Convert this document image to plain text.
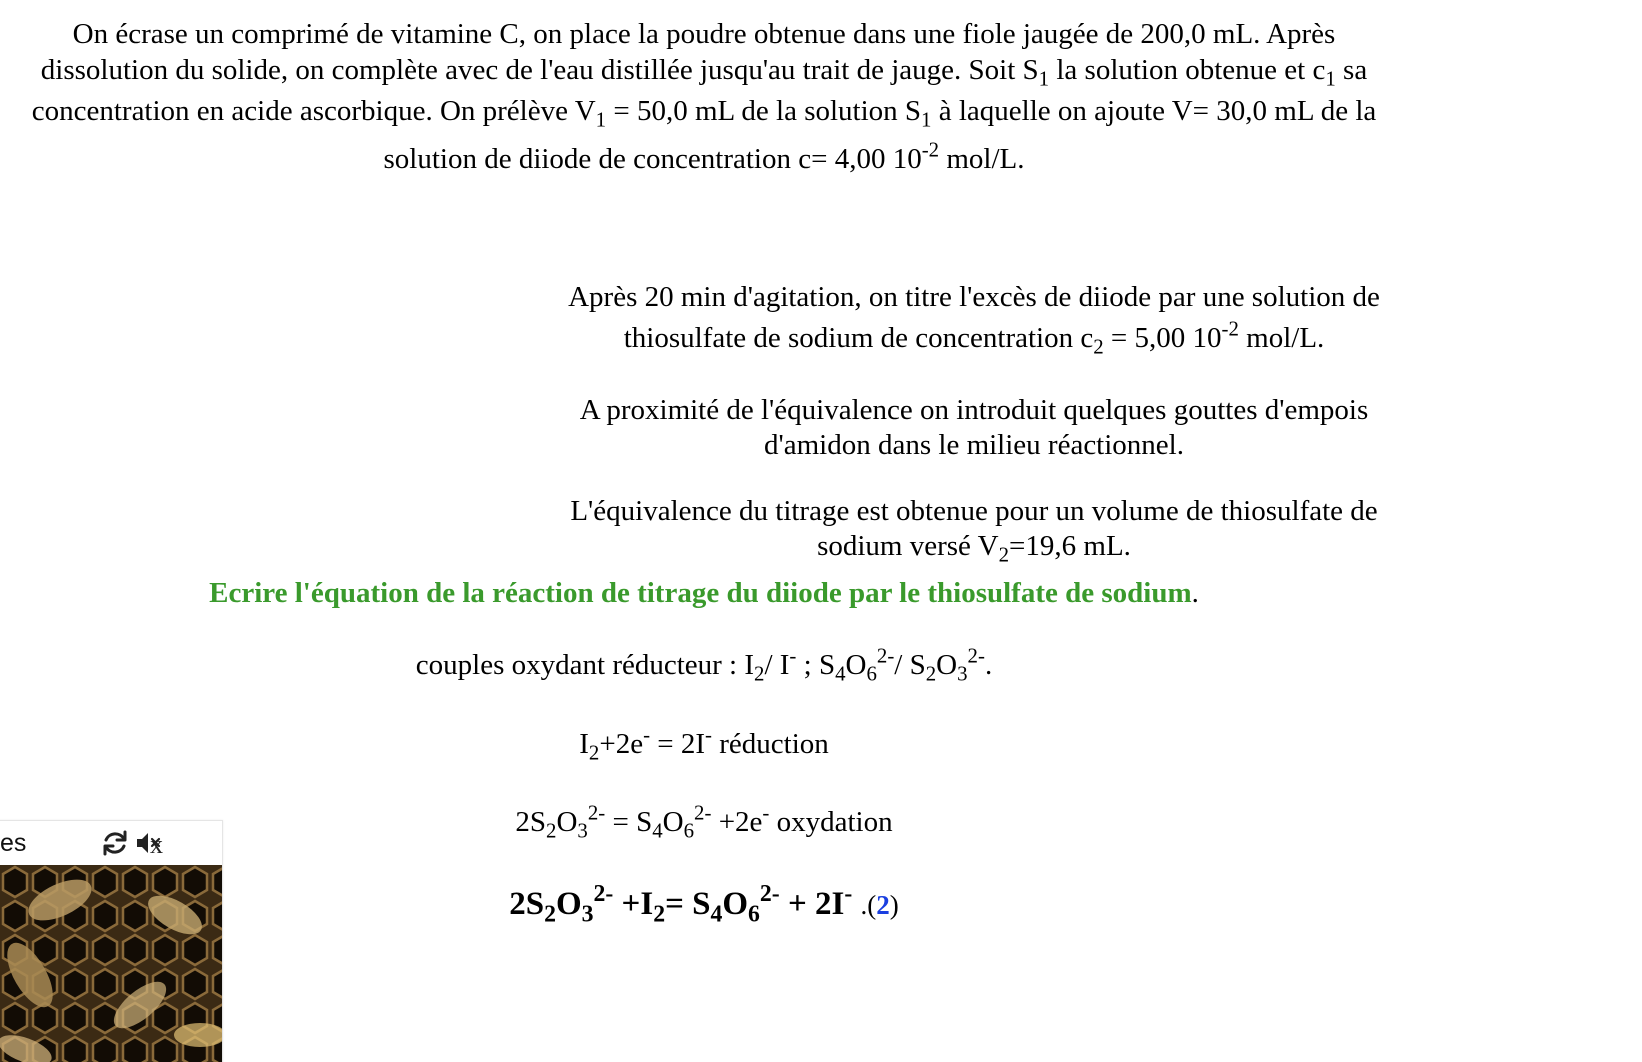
On écrase un comprimé de vitamine C, on place la poudre obtenue dans une fiole jaugée de 200,0 mL. Après
dissolution du solide, on complète avec de l'eau distillée jusqu'au trait de jauge. Soit $S_1$ la solution obtenue et $c_1$ sa
concentration en acide ascorbique. On prélève $V_1 = 50,0$ mL de la solution $S_1$ à laquelle on ajoute V= 30,0 mL de la
solution de diiode de concentration c= 4,00 $10^{-2}$ mol/L.
Après 20 min d'agitation, on titre l'excès de diiode par une solution de
thiosulfate de sodium de concentration $c_2 = 5,00$ $10^{-2}$ mol/L.
A proximité de l'équivalence on introduit quelques gouttes d'empois
d'amidon dans le milieu réactionnel.
L'équivalence du titrage est obtenue pour un volume de thiosulfate de
sodium versé $V_2=19,6$ mL.
Ecrire l'équation de la réaction de titrage du diiode par le thiosulfate de sodium.
couples oxydant réducteur : $I_2/$ I- ; $S_4O_6^{2-}/$ $S_2O_3^{2-}$.
$I_2+2e^- = 2I^-$ réduction
$2S_2O_3^{2-} = S_4O_6^{2-} +2e^-$ oxydation
$2S_2O_3^{2-} +I_2= S_4O_6^{2-} + 2I^-$ .(2)
es	x
